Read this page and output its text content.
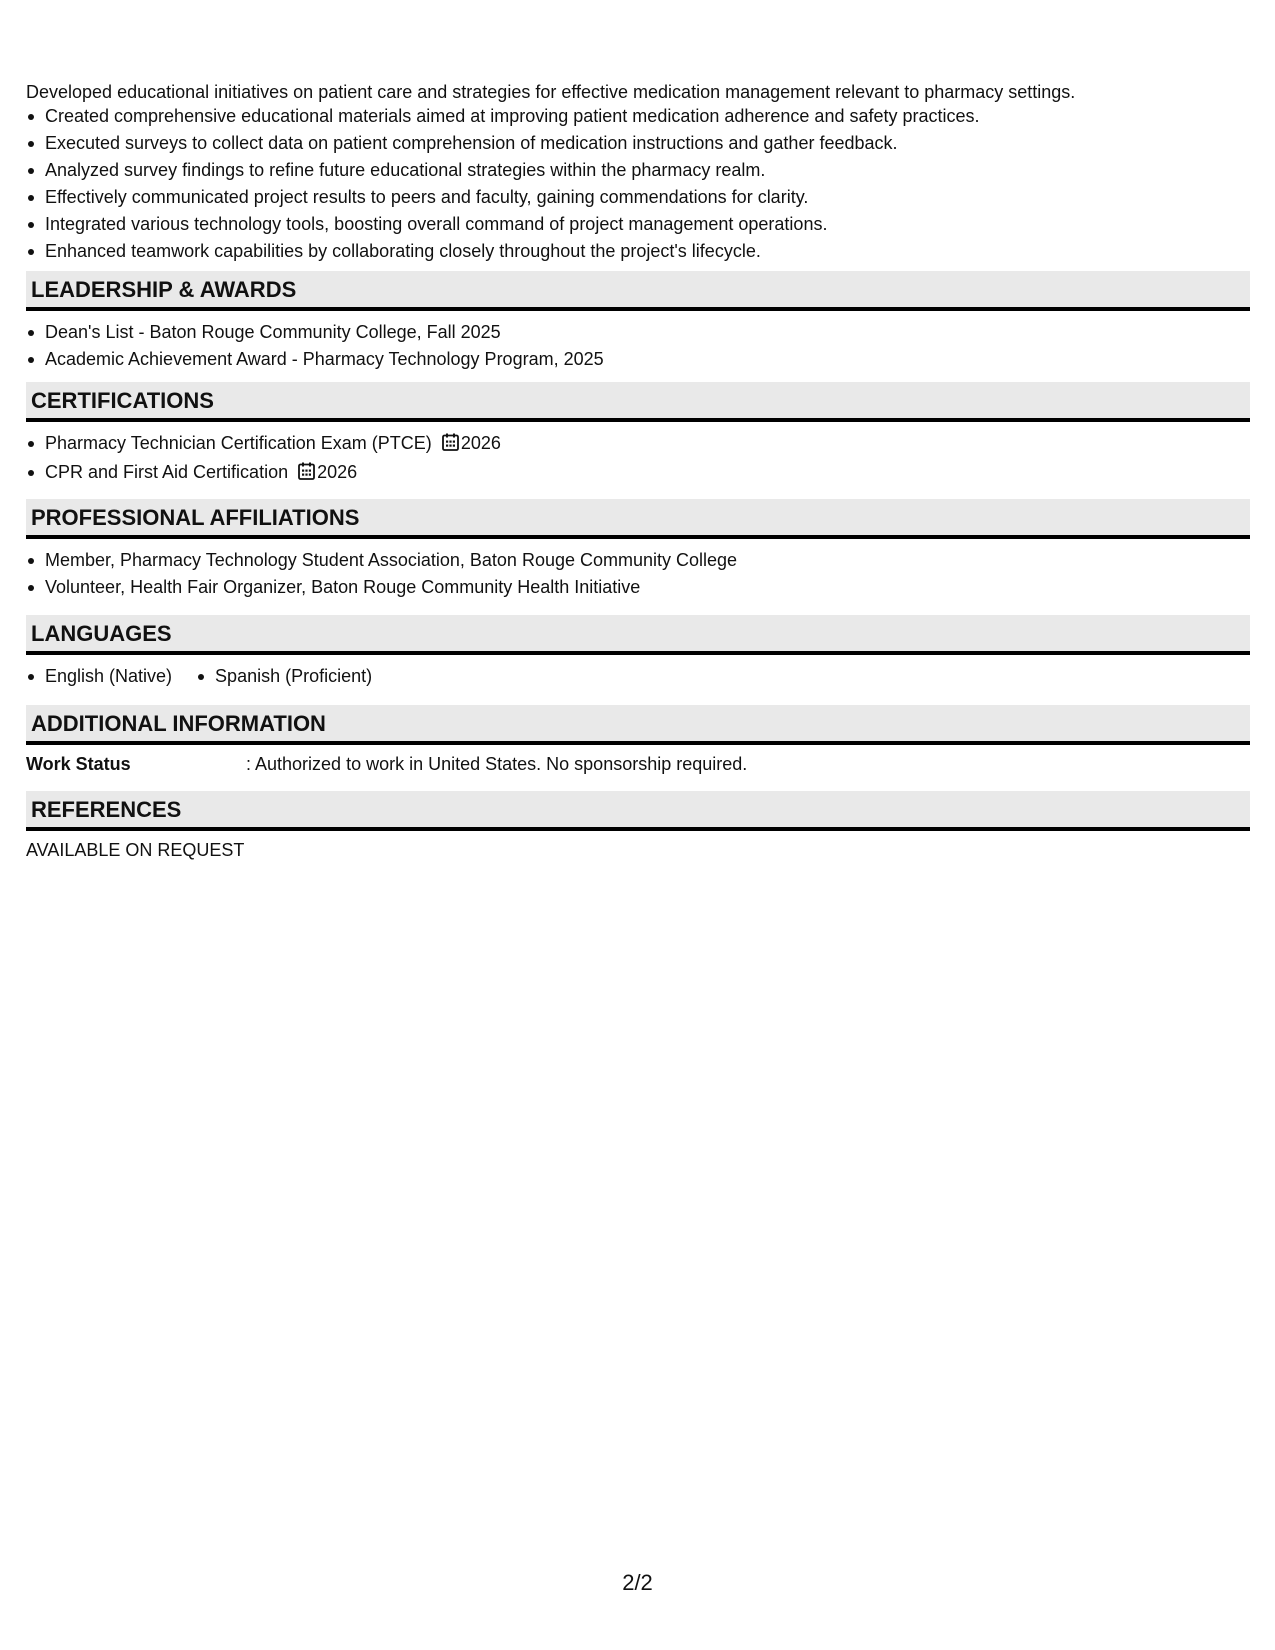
Developed educational initiatives on patient care and strategies for effective medication management relevant to pharmacy settings.
Created comprehensive educational materials aimed at improving patient medication adherence and safety practices.
Executed surveys to collect data on patient comprehension of medication instructions and gather feedback.
Analyzed survey findings to refine future educational strategies within the pharmacy realm.
Effectively communicated project results to peers and faculty, gaining commendations for clarity.
Integrated various technology tools, boosting overall command of project management operations.
Enhanced teamwork capabilities by collaborating closely throughout the project's lifecycle.
LEADERSHIP & AWARDS
Dean's List - Baton Rouge Community College, Fall 2025
Academic Achievement Award - Pharmacy Technology Program, 2025
CERTIFICATIONS
Pharmacy Technician Certification Exam (PTCE) 2026
CPR and First Aid Certification 2026
PROFESSIONAL AFFILIATIONS
Member, Pharmacy Technology Student Association, Baton Rouge Community College
Volunteer, Health Fair Organizer, Baton Rouge Community Health Initiative
LANGUAGES
English (Native)	Spanish (Proficient)
ADDITIONAL INFORMATION
Work Status	: Authorized to work in United States. No sponsorship required.
REFERENCES
AVAILABLE ON REQUEST
2/2
